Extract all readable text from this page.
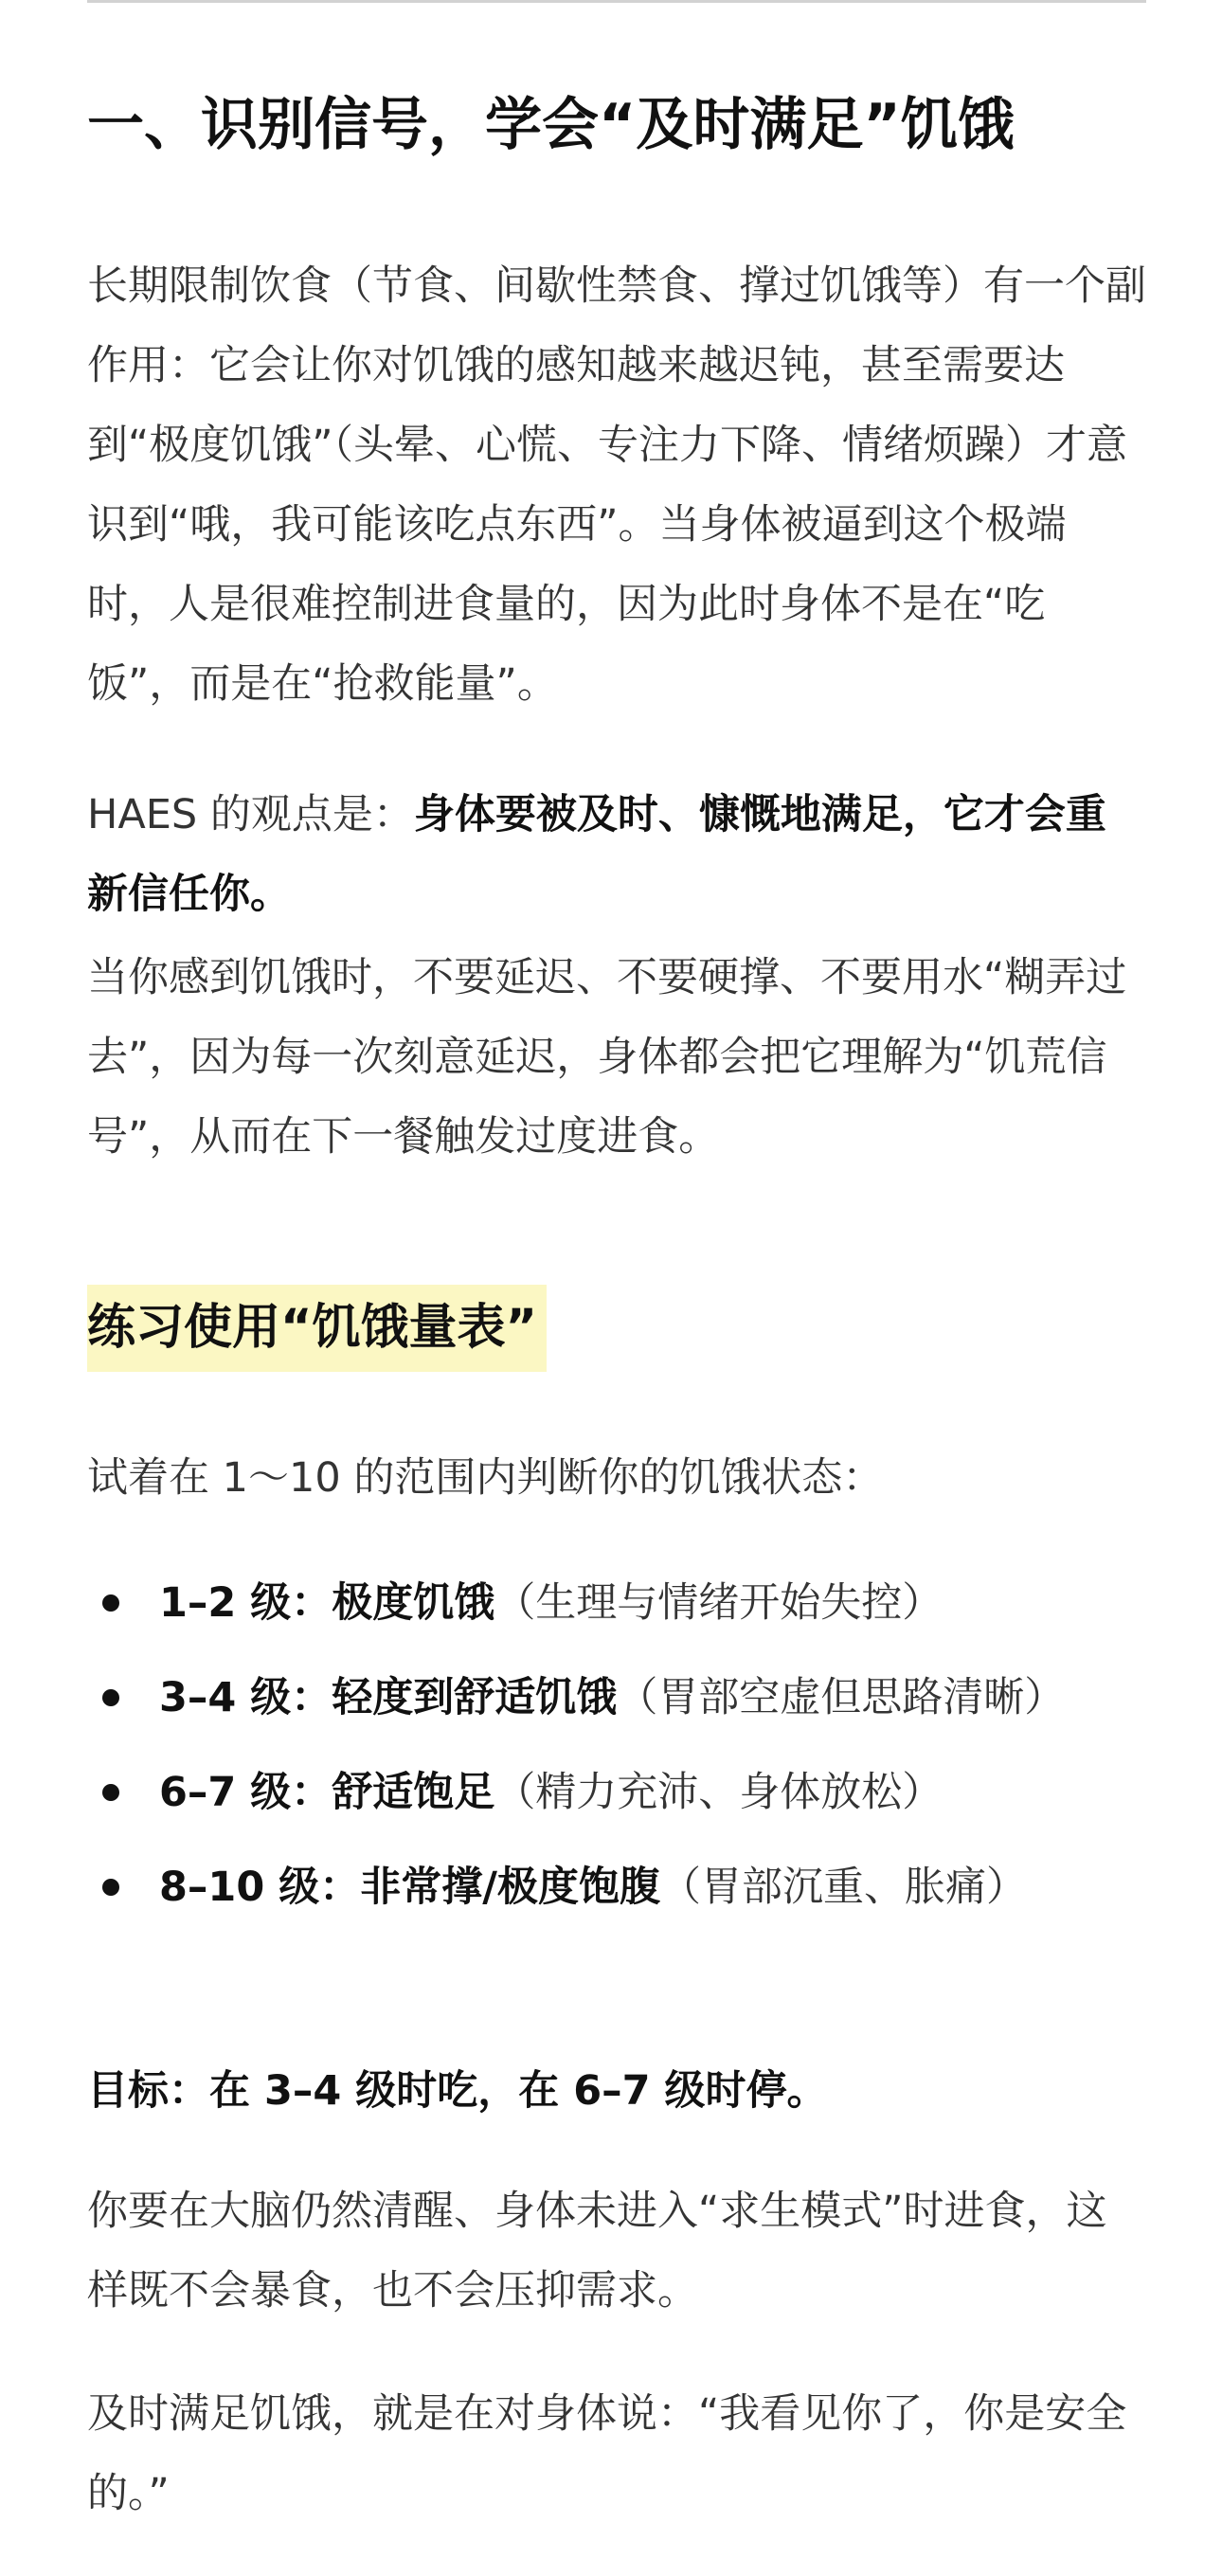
一、识别信号，学会“及时满足”饥饿

长期限制饮食（节食、间歇性禁食、撑过饥饿等）有一个副作用：它会让你对饥饿的感知越来越迟钝，甚至需要达到“极度饥饿”（头晕、心慌、专注力下降、情绪烦躁）才意识到“哦，我可能该吃点东西”。当身体被逼到这个极端时，人是很难控制进食量的，因为此时身体不是在“吃饭”，而是在“抢救能量”。

HAES 的观点是：身体要被及时、慷慨地满足，它才会重新信任你。

当你感到饥饿时，不要延迟、不要硬撑、不要用水“糊弄过去”，因为每一次刻意延迟，身体都会把它理解为“饥荒信号”，从而在下一餐触发过度进食。

练习使用“饥饿量表”

试着在 1～10 的范围内判断你的饥饿状态：

1–2 级：极度饥饿（生理与情绪开始失控）
3–4 级：轻度到舒适饥饿（胃部空虚但思路清晰）
6–7 级：舒适饱足（精力充沛、身体放松）
8–10 级：非常撑/极度饱腹（胃部沉重、胀痛）
目标：在 3–4 级时吃，在 6–7 级时停。

你要在大脑仍然清醒、身体未进入“求生模式”时进食，这样既不会暴食，也不会压抑需求。

及时满足饥饿，就是在对身体说：“我看见你了，你是安全的。”
